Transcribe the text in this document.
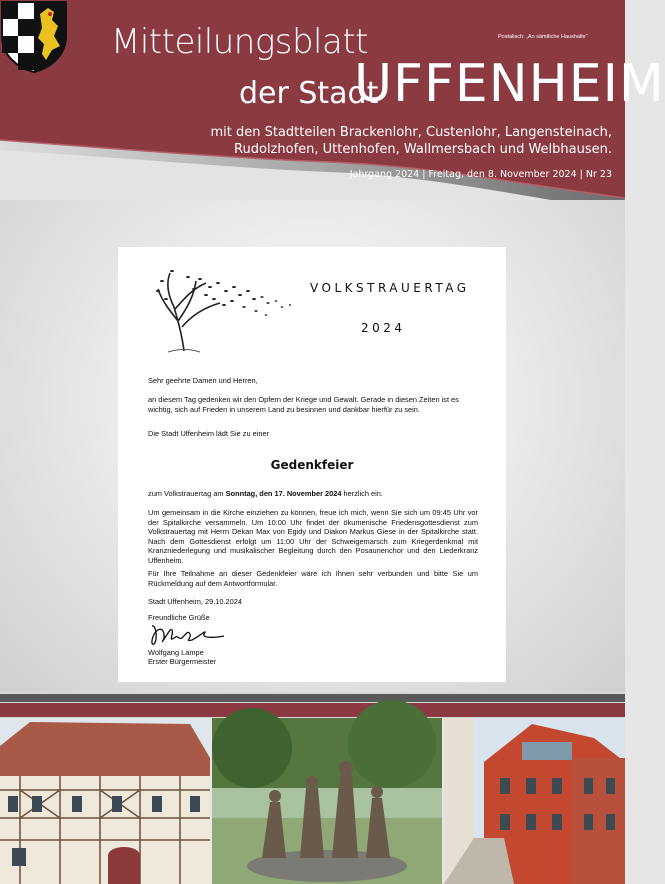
Mitteilungsblatt
der Stadt
UFFENHEIM
Postalisch: „An sämtliche Haushalte“
mit den Stadtteilen Brackenlohr, Custenlohr, Langensteinach,
Rudolzhofen, Uttenhofen, Wallmersbach und Welbhausen.
Jahrgang 2024 | Freitag, den 8. November 2024 | Nr 23
VOLKSTRAUERTAG
2024
Sehr geehrte Damen und Herren,
an diesem Tag gedenken wir den Opfern der Kriege und Gewalt. Gerade in diesen Zeiten ist es wichtig, sich auf Frieden in unserem Land zu besinnen und dankbar hierfür zu sein.
Die Stadt Uffenheim lädt Sie zu einer
Gedenkfeier
zum Volkstrauertag am Sonntag, den 17. November 2024 herzlich ein.
Um gemeinsam in die Kirche einziehen zu können, freue ich mich, wenn Sie sich um 09:45 Uhr vor der Spitalkirche versammeln. Um 10:00 Uhr findet der ökumenische Friedensgottesdienst zum Volkstrauertag mit Herrn Dekan Max von Egidy und Diakon Markus Giese in der Spitalkirche statt. Nach dem Gottesdienst erfolgt um 11:00 Uhr der Schweigemarsch zum Kriegerdenkmal mit Kranzniederlegung und musikalischer Begleitung durch den Posaunenchor und den Liederkranz Uffenheim.
Für Ihre Teilnahme an dieser Gedenkfeier wäre ich Ihnen sehr verbunden und bitte Sie um Rückmeldung auf dem Antwortformular.
Stadt Uffenheim, 29.10.2024
Freundliche Grüße
Wolfgang Lampe
Erster Bürgermeister
